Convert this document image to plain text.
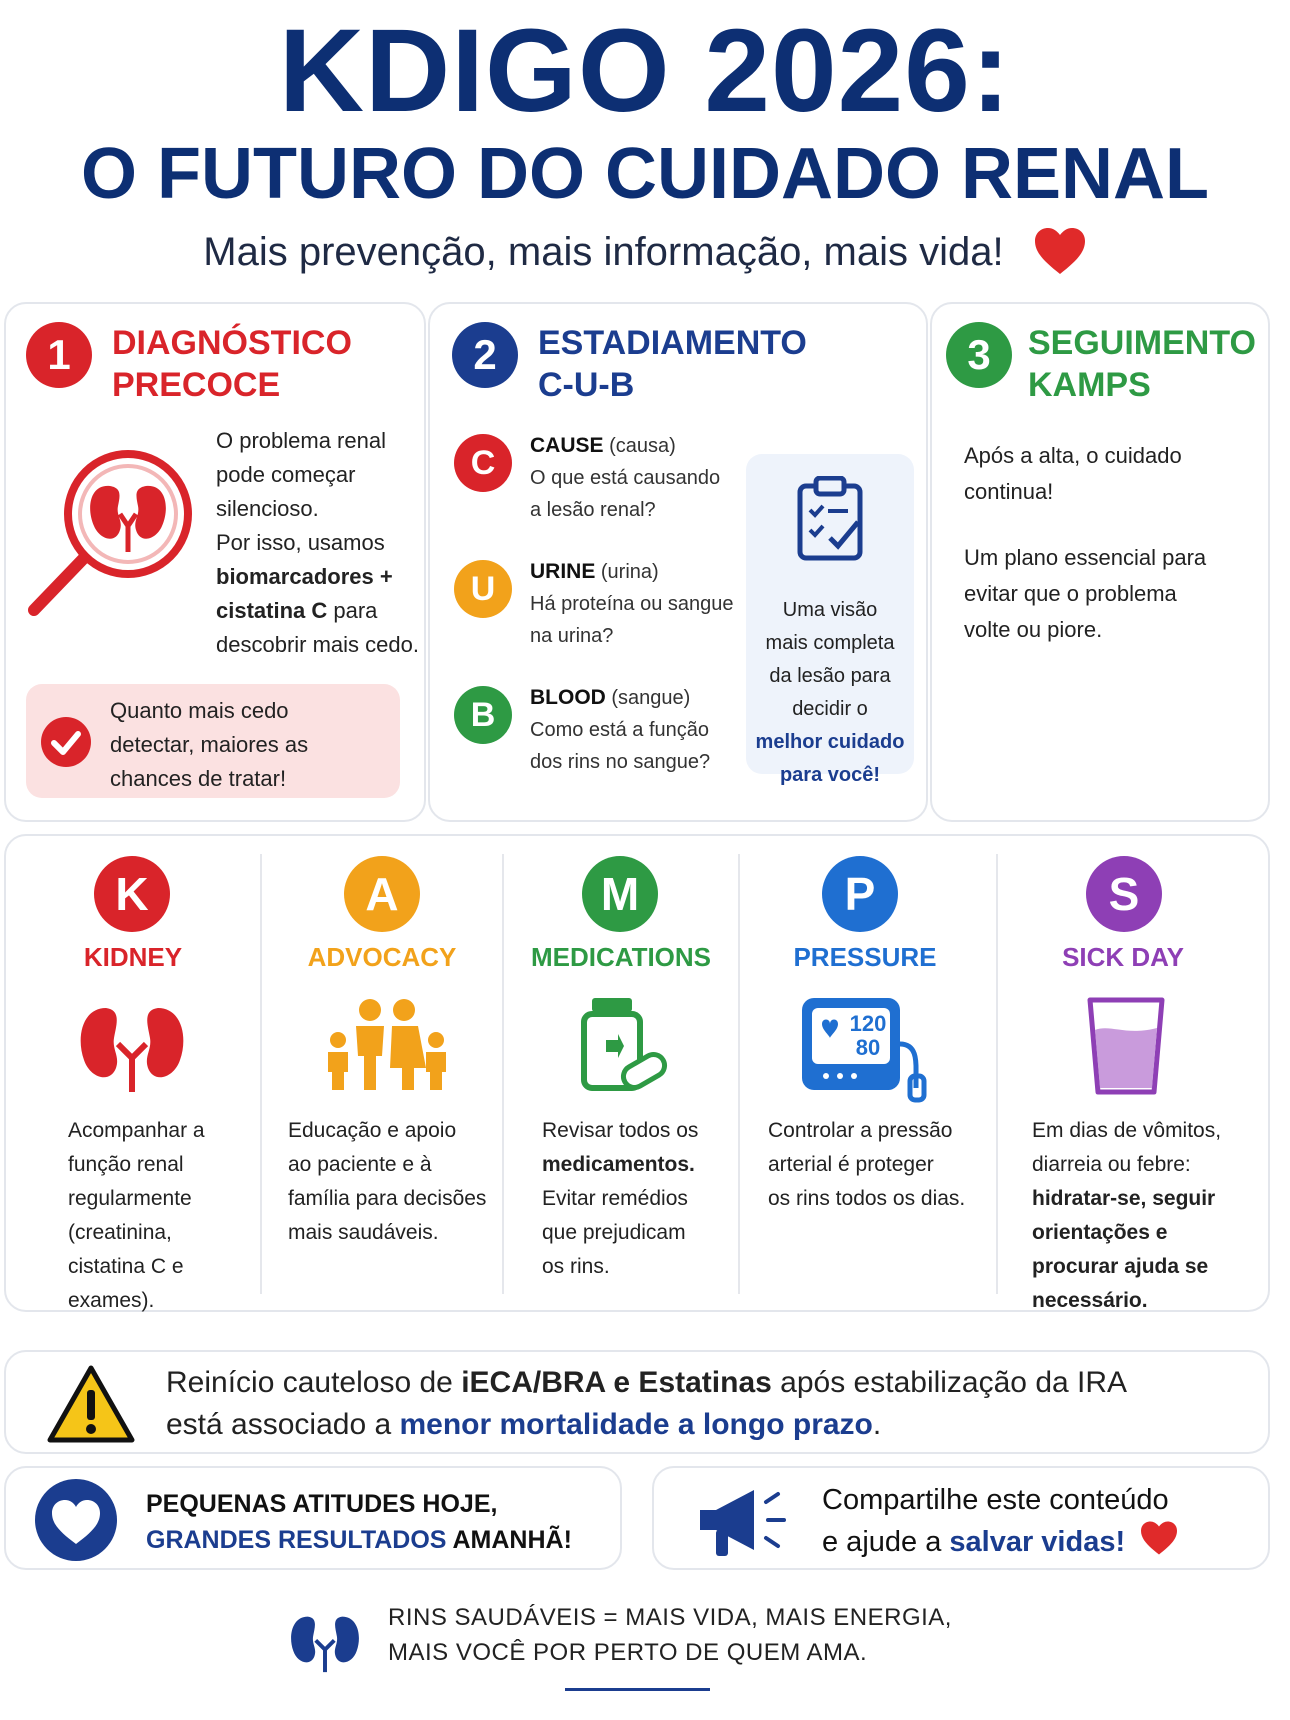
KDIGO 2026:
O FUTURO DO CUIDADO RENAL
Mais prevenção, mais informação, mais vida!
1	DIAGNÓSTICO
PRECOCE
O problema renal
pode começar
silencioso.
Por isso, usamos
biomarcadores +
cistatina C para
descobrir mais cedo.
Quanto mais cedo
detectar, maiores as
chances de tratar!
2	ESTADIAMENTO
C-U-B
C	CAUSE (causa)
O que está causando
a lesão renal?
U	URINE (urina)
Há proteína ou sangue
na urina?
B	BLOOD (sangue)
Como está a função
dos rins no sangue?
Uma visão
mais completa
da lesão para
decidir o
melhor cuidado
para você!
3	SEGUIMENTO
KAMPS
Após a alta, o cuidado
continua!
Um plano essencial para
evitar que o problema
volte ou piore.
K
KIDNEY
Acompanhar a
função renal
regularmente
(creatinina,
cistatina C e
exames).
A
ADVOCACY
Educação e apoio
ao paciente e à
família para decisões
mais saudáveis.
M
MEDICATIONS
Revisar todos os
medicamentos.
Evitar remédios
que prejudicam
os rins.
P
PRESSURE
120
80
Controlar a pressão
arterial é proteger
os rins todos os dias.
S
SICK DAY
Em dias de vômitos,
diarreia ou febre:
hidratar-se, seguir
orientações e
procurar ajuda se
necessário.
Reinício cauteloso de iECA/BRA e Estatinas após estabilização da IRA
está associado a menor mortalidade a longo prazo.
PEQUENAS ATITUDES HOJE,
GRANDES RESULTADOS AMANHÃ!
Compartilhe este conteúdo
e ajude a salvar vidas!
RINS SAUDÁVEIS = MAIS VIDA, MAIS ENERGIA,
MAIS VOCÊ POR PERTO DE QUEM AMA.
